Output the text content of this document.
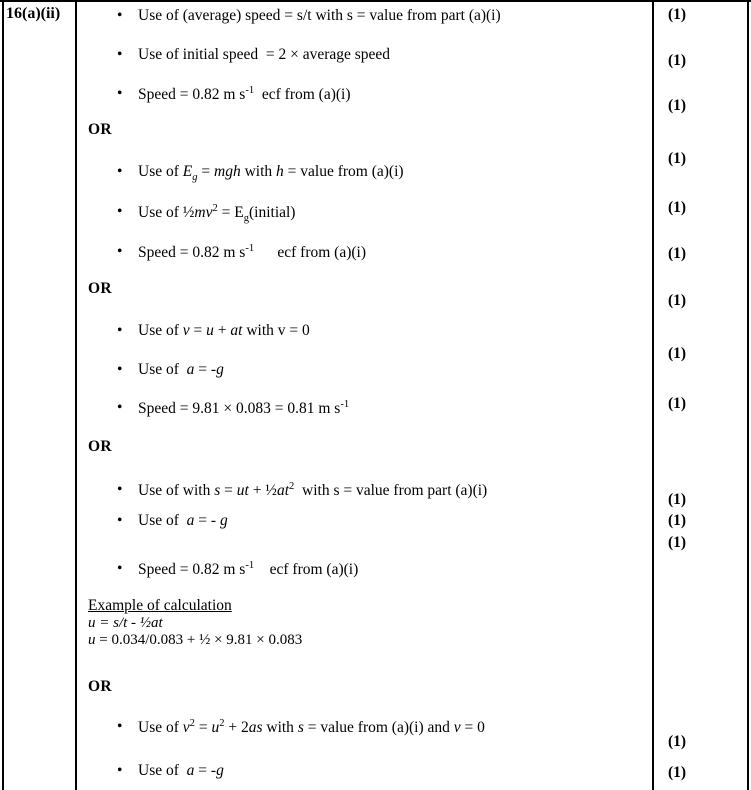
16(a)(ii)	• Use of (average) speed = s/t with s = value from part (a)(i)
• Use of initial speed  = 2 × average speed
• Speed = 0.82 m $s^{-1}$  ecf from (a)(i)
OR
• Use of $E_g$ = mgh with h = value from (a)(i)
• Use of $\frac{1}{2}mv^2$ = $E_g(initial)$
• Speed = 0.82 m $s^{-1}$      ecf from (a)(i)
OR
• Use of v = u + at with v = 0
• Use of  a = -g
• Speed = 9.81 × 0.083 = 0.81 m $s^{-1}$
OR
• Use of with s = ut + $\frac{1}{2}at^2$  with s = value from part (a)(i)
• Use of  a = - g
• Speed = 0.82 m $s^{-1}$    ecf from (a)(i)
Example of calculation
u = s/t - ½at
u = 0.034/0.083 + ½ × 9.81 × 0.083
OR
• Use of $v^2 = u^2 + 2as$ with s = value from (a)(i) and v = 0
• Use of  a = -g
(1)
(1)
(1)
(1)
(1)
(1)
(1)
(1)
(1)
(1)
(1)
(1)
(1)
(1)
